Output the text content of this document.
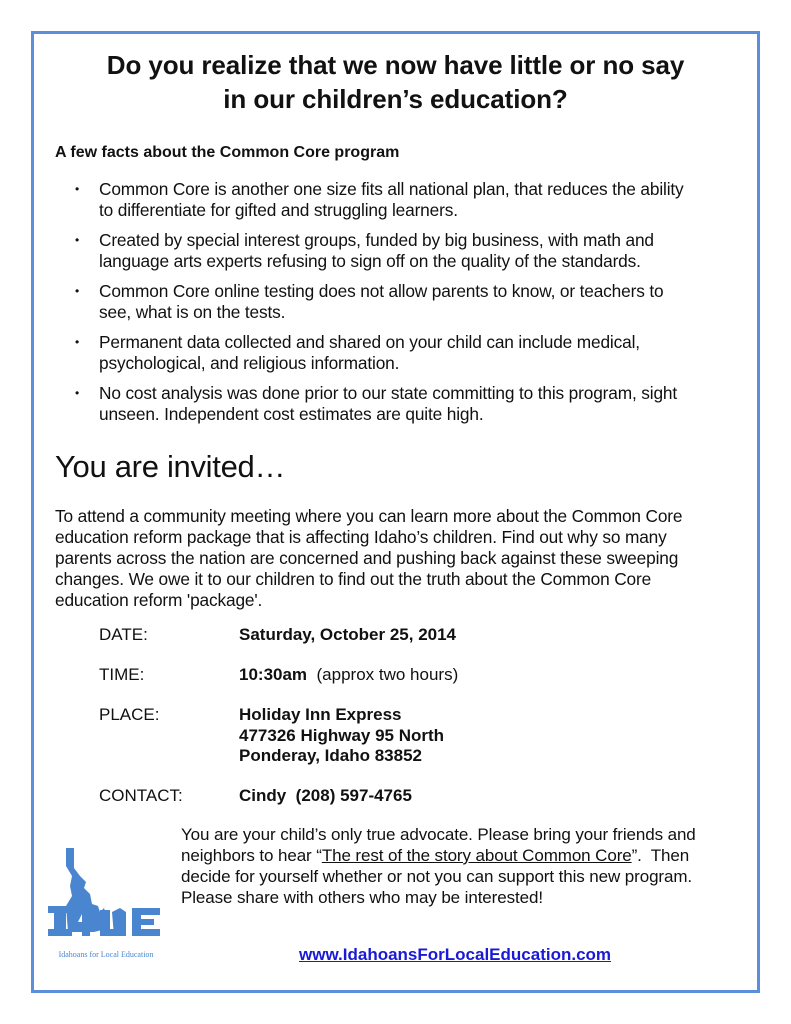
Do you realize that we now have little or no say
in our children’s education?

A few facts about the Common Core program

• Common Core is another one size fits all national plan, that reduces the ability
to differentiate for gifted and struggling learners.
• Created by special interest groups, funded by big business, with math and
language arts experts refusing to sign off on the quality of the standards.
• Common Core online testing does not allow parents to know, or teachers to
see, what is on the tests.
• Permanent data collected and shared on your child can include medical,
psychological, and religious information.
• No cost analysis was done prior to our state committing to this program, sight
unseen. Independent cost estimates are quite high.
You are invited…

To attend a community meeting where you can learn more about the Common Core
education reform package that is affecting Idaho’s children. Find out why so many
parents across the nation are concerned and pushing back against these sweeping
changes. We owe it to our children to find out the truth about the Common Core
education reform 'package'.

DATE:	Saturday, October 25, 2014
TIME:	10:30am (approx two hours)
PLACE:	Holiday Inn Express
477326 Highway 95 North
Ponderay, Idaho 83852
CONTACT:	Cindy  (208) 597-4765

You are your child’s only true advocate. Please bring your friends and
neighbors to hear “The rest of the story about Common Core”.  Then
decide for yourself whether or not you can support this new program.
Please share with others who may be interested!

Idahoans for Local Education	www.IdahoansForLocalEducation.com
